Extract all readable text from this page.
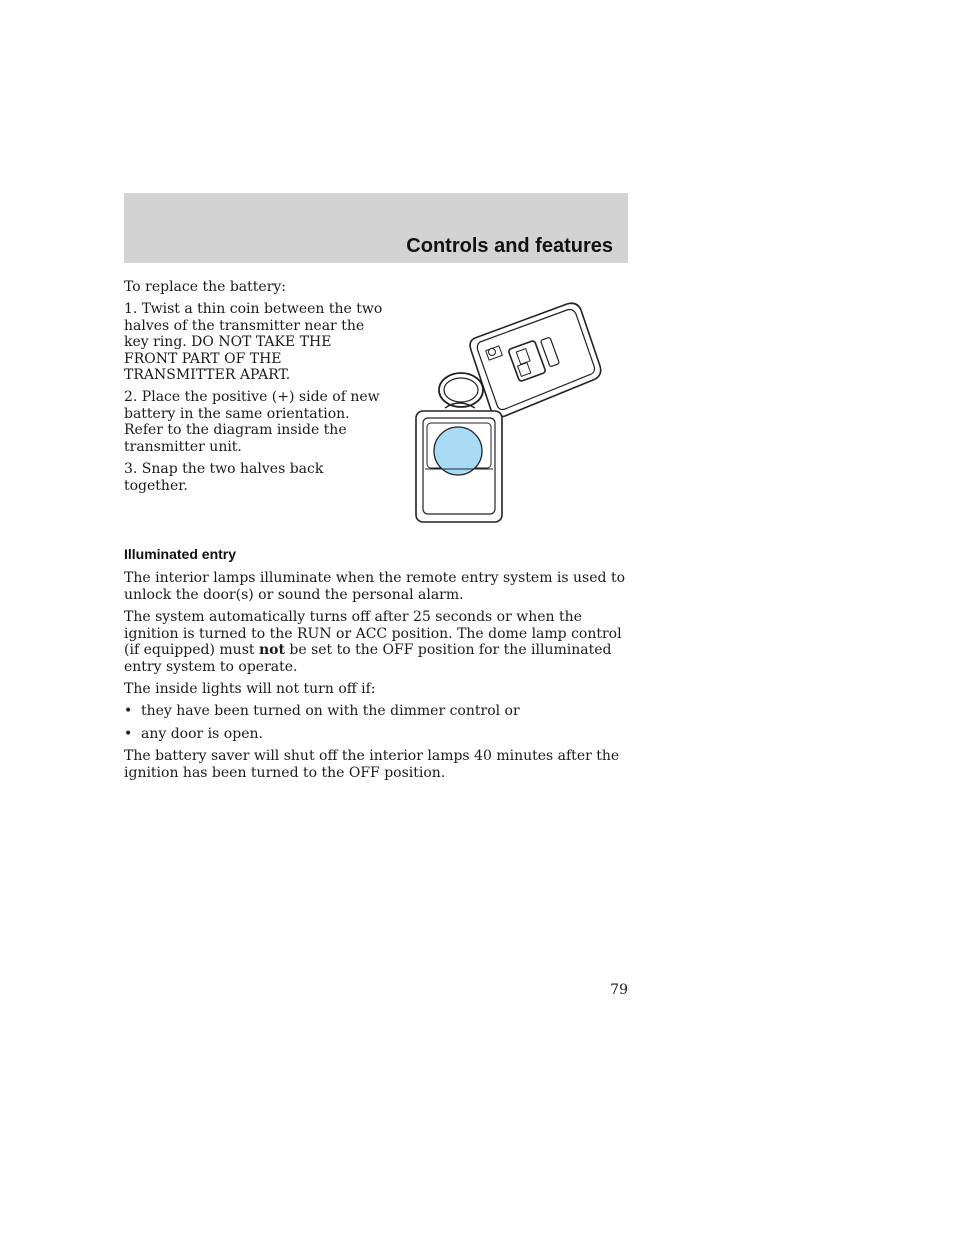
Controls and features

To replace the battery:

1. Twist a thin coin between the two halves of the transmitter near the key ring. DO NOT TAKE THE FRONT PART OF THE TRANSMITTER APART.

2. Place the positive (+) side of new battery in the same orientation. Refer to the diagram inside the transmitter unit.

3. Snap the two halves back together.

Illuminated entry

The interior lamps illuminate when the remote entry system is used to unlock the door(s) or sound the personal alarm.

The system automatically turns off after 25 seconds or when the ignition is turned to the RUN or ACC position. The dome lamp control (if equipped) must not be set to the OFF position for the illuminated entry system to operate.

The inside lights will not turn off if:

• they have been turned on with the dimmer control or
• any door is open.

The battery saver will shut off the interior lamps 40 minutes after the ignition has been turned to the OFF position.

79
